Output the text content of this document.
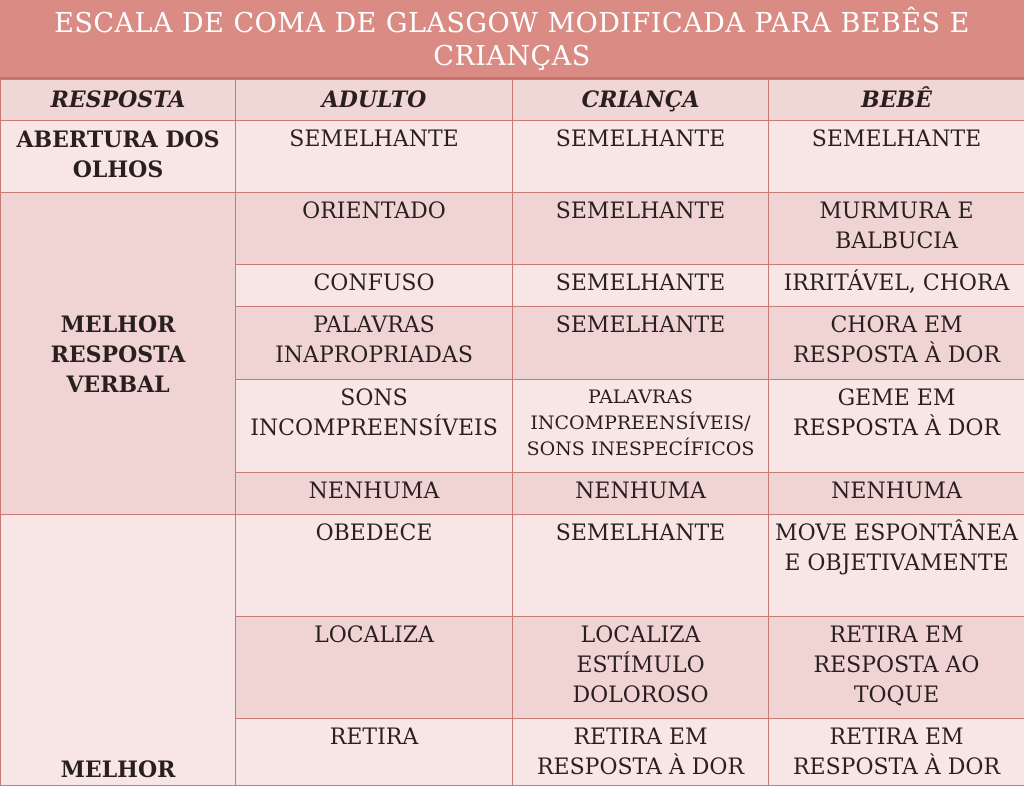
ESCALA DE COMA DE GLASGOW MODIFICADA PARA BEBÊS E CRIANÇAS
RESPOSTA	ADULTO	CRIANÇA	BEBÊ
ABERTURA DOS OLHOS	SEMELHANTE	SEMELHANTE	SEMELHANTE
MELHOR RESPOSTA VERBAL	ORIENTADO	SEMELHANTE	MURMURA E BALBUCIA
	CONFUSO	SEMELHANTE	IRRITÁVEL, CHORA
	PALAVRAS INAPROPRIADAS	SEMELHANTE	CHORA EM RESPOSTA À DOR
	SONS INCOMPREENSÍVEIS	PALAVRAS INCOMPREENSÍVEIS/ SONS INESPECÍFICOS	GEME EM RESPOSTA À DOR
	NENHUMA	NENHUMA	NENHUMA
MELHOR	OBEDECE	SEMELHANTE	MOVE ESPONTÂNEA E OBJETIVAMENTE
	LOCALIZA	LOCALIZA ESTÍMULO DOLOROSO	RETIRA EM RESPOSTA AO TOQUE
	RETIRA	RETIRA EM RESPOSTA À DOR	RETIRA EM RESPOSTA À DOR
